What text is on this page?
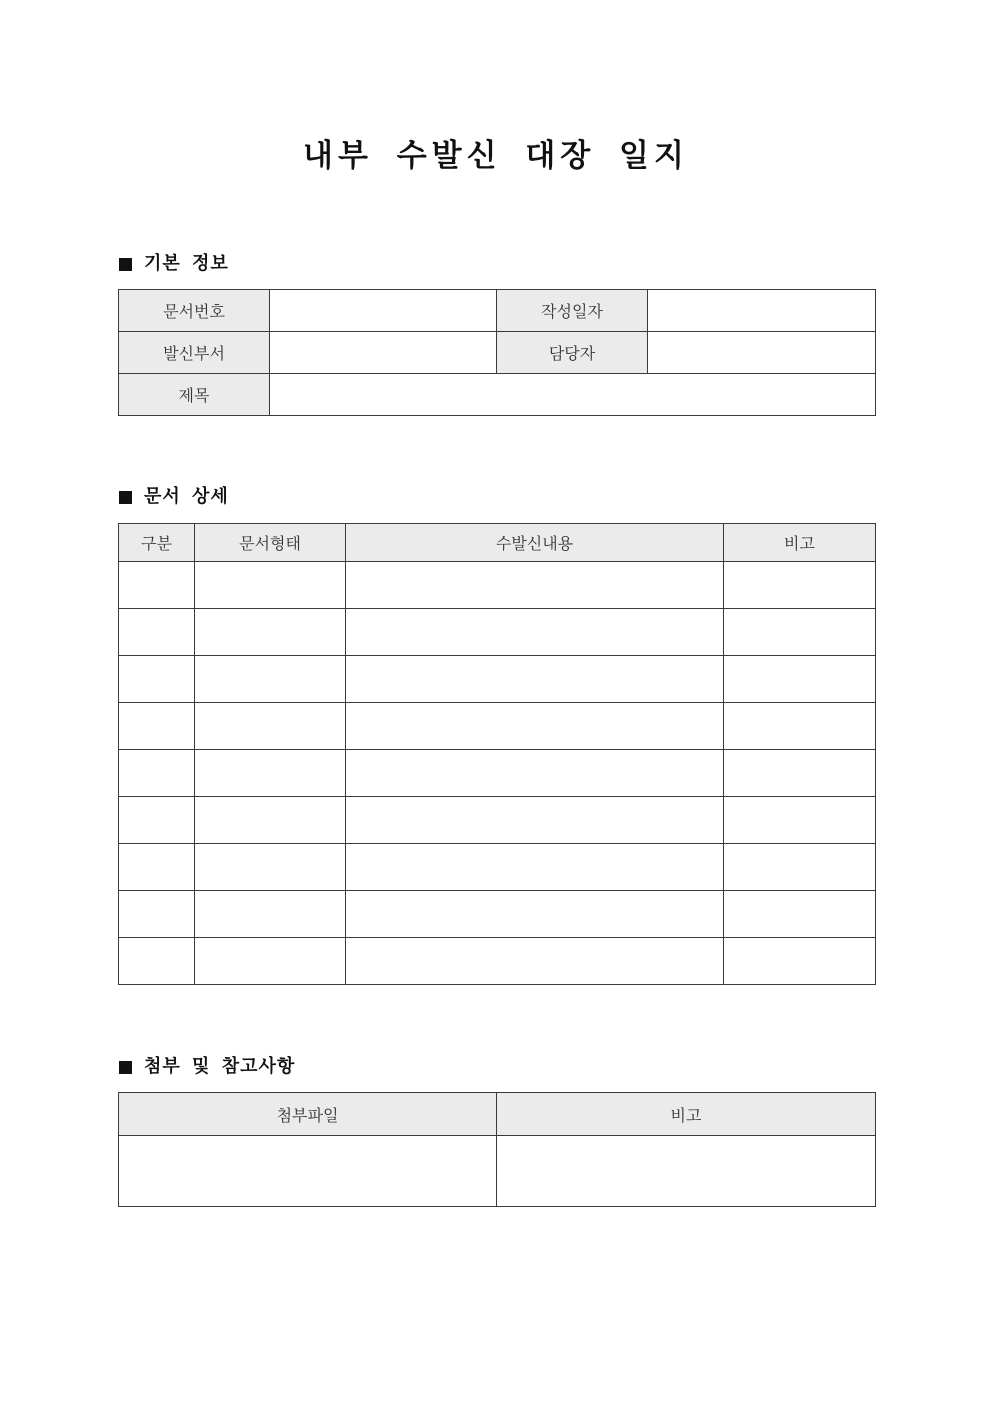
내부 수발신 대장 일지
기본 정보
문서번호		작성일자	
발신부서		담당자	
제목			
문서 상세
구분	문서형태	수발신내용	비고

첨부 및 참고사항
첨부파일	비고
